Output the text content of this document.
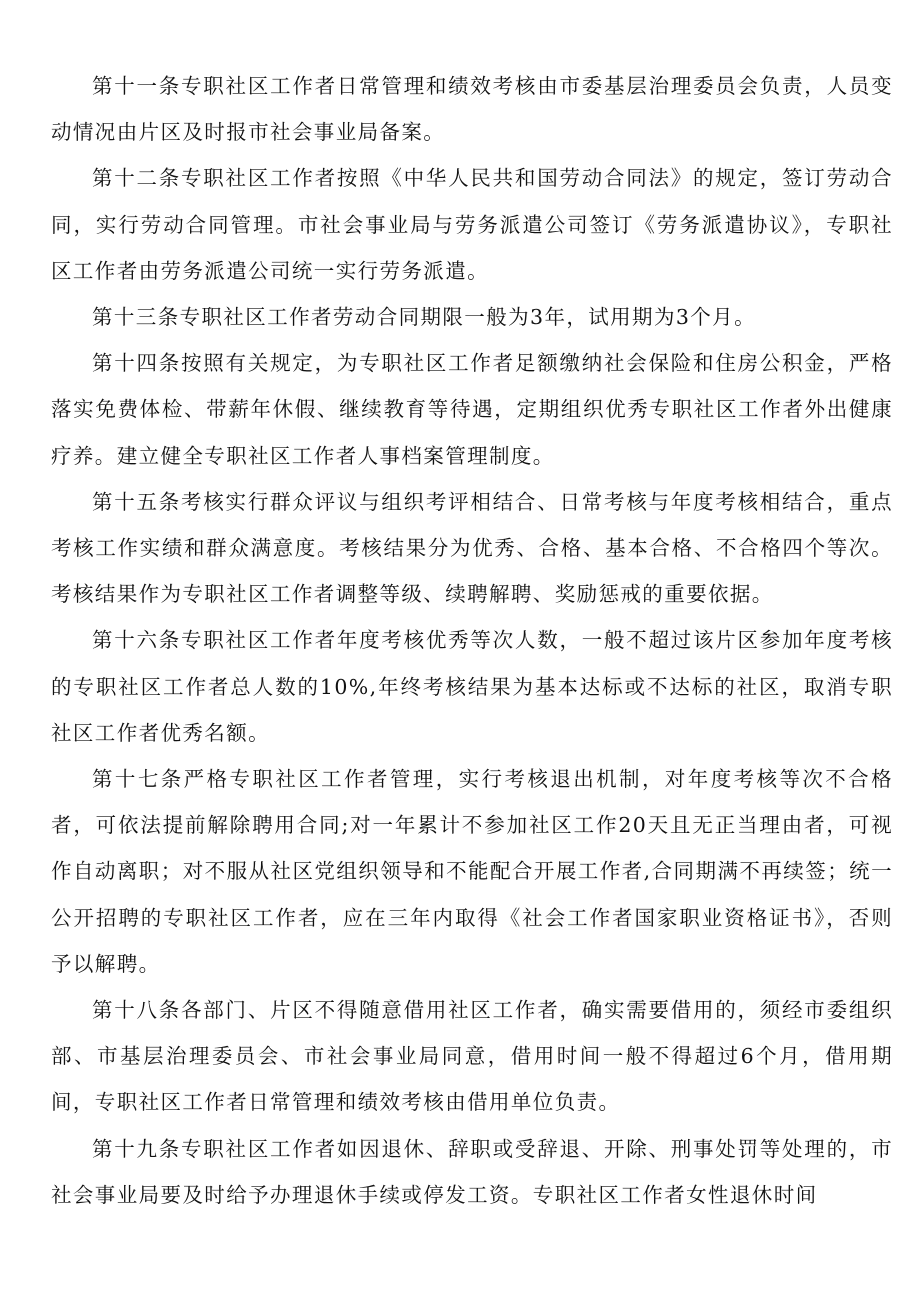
第十一条专职社区工作者日常管理和绩效考核由市委基层治理委员会负责，人员变动情况由片区及时报市社会事业局备案。

第十二条专职社区工作者按照《中华人民共和国劳动合同法》的规定，签订劳动合同，实行劳动合同管理。市社会事业局与劳务派遣公司签订《劳务派遣协议》，专职社区工作者由劳务派遣公司统一实行劳务派遣。

第十三条专职社区工作者劳动合同期限一般为3年，试用期为3个月。

第十四条按照有关规定，为专职社区工作者足额缴纳社会保险和住房公积金，严格落实免费体检、带薪年休假、继续教育等待遇，定期组织优秀专职社区工作者外出健康疗养。建立健全专职社区工作者人事档案管理制度。

第十五条考核实行群众评议与组织考评相结合、日常考核与年度考核相结合，重点考核工作实绩和群众满意度。考核结果分为优秀、合格、基本合格、不合格四个等次。考核结果作为专职社区工作者调整等级、续聘解聘、奖励惩戒的重要依据。

第十六条专职社区工作者年度考核优秀等次人数，一般不超过该片区参加年度考核的专职社区工作者总人数的10%,年终考核结果为基本达标或不达标的社区，取消专职社区工作者优秀名额。

第十七条严格专职社区工作者管理，实行考核退出机制，对年度考核等次不合格者，可依法提前解除聘用合同;对一年累计不参加社区工作20天且无正当理由者，可视作自动离职；对不服从社区党组织领导和不能配合开展工作者,合同期满不再续签；统一公开招聘的专职社区工作者，应在三年内取得《社会工作者国家职业资格证书》，否则予以解聘。

第十八条各部门、片区不得随意借用社区工作者，确实需要借用的，须经市委组织部、市基层治理委员会、市社会事业局同意，借用时间一般不得超过6个月，借用期间，专职社区工作者日常管理和绩效考核由借用单位负责。

第十九条专职社区工作者如因退休、辞职或受辞退、开除、刑事处罚等处理的，市社会事业局要及时给予办理退休手续或停发工资。专职社区工作者女性退休时间
